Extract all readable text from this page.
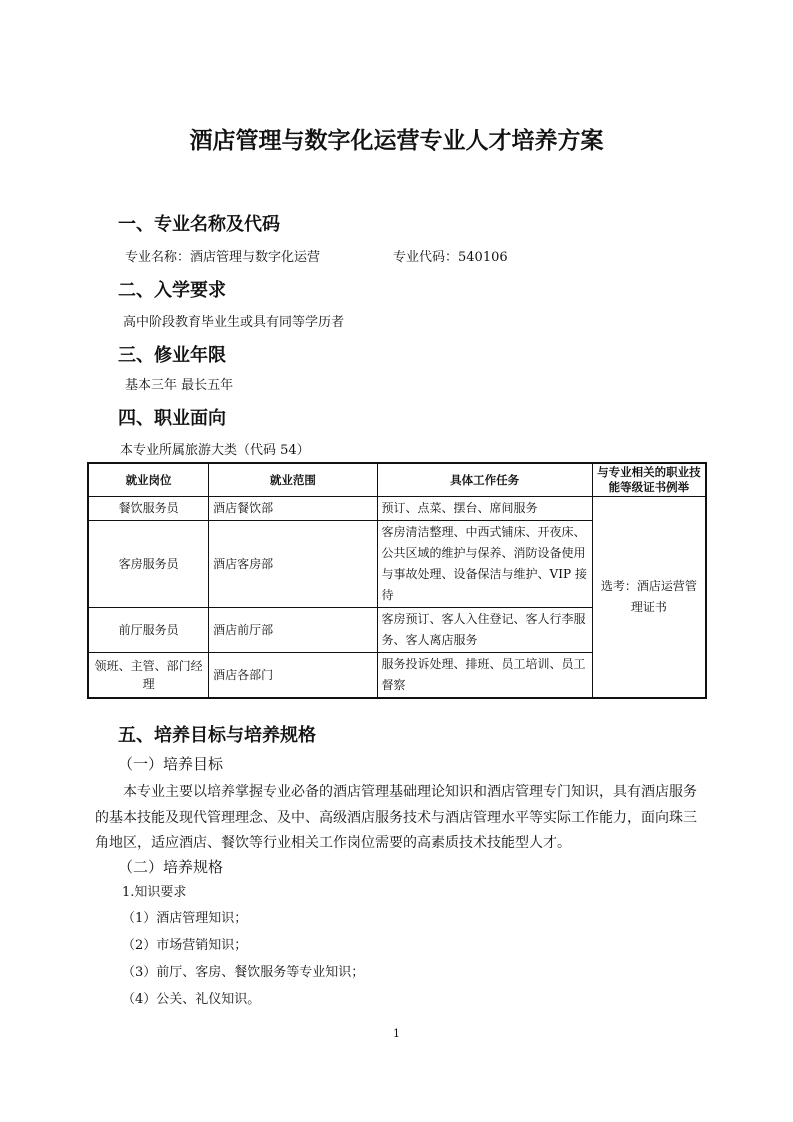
酒店管理与数字化运营专业人才培养方案
一、专业名称及代码
专业名称：酒店管理与数字化运营	专业代码：540106
二、入学要求
高中阶段教育毕业生或具有同等学历者
三、修业年限
基本三年 最长五年
四、职业面向
本专业所属旅游大类（代码 54）
就业岗位	就业范围	具体工作任务	与专业相关的职业技能等级证书例举
餐饮服务员	酒店餐饮部	预订、点菜、摆台、席间服务	选考：酒店运营管理证书
客房服务员	酒店客房部	客房清洁整理、中西式铺床、开夜床、公共区域的维护与保养、消防设备使用与事故处理、设备保洁与维护、VIP 接待	
前厅服务员	酒店前厅部	客房预订、客人入住登记、客人行李服务、客人离店服务	
领班、主管、部门经理	酒店各部门	服务投诉处理、排班、员工培训、员工督察	
五、培养目标与培养规格
（一）培养目标
本专业主要以培养掌握专业必备的酒店管理基础理论知识和酒店管理专门知识，具有酒店服务
的基本技能及现代管理理念、及中、高级酒店服务技术与酒店管理水平等实际工作能力，面向珠三
角地区，适应酒店、餐饮等行业相关工作岗位需要的高素质技术技能型人才。
（二）培养规格
1.知识要求
（1）酒店管理知识；
（2）市场营销知识；
（3）前厅、客房、餐饮服务等专业知识；
（4）公关、礼仪知识。
1
